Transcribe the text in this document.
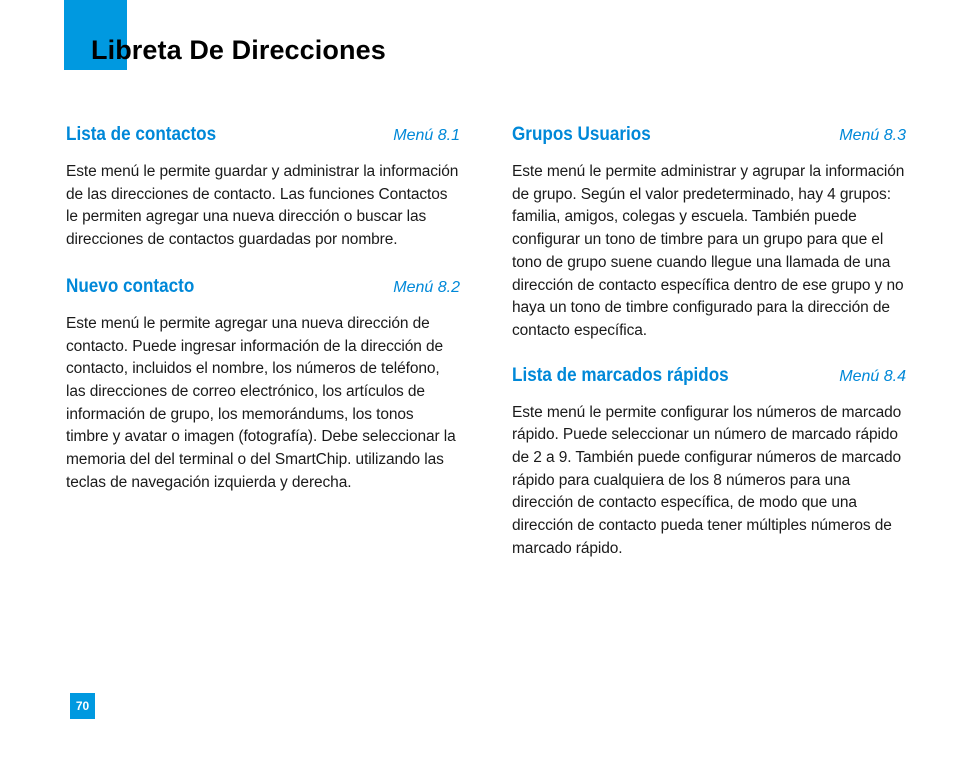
Libreta De Direcciones
Lista de contactos	Menú 8.1

Este menú le permite guardar y administrar la información de las direcciones de contacto. Las funciones Contactos le permiten agregar una nueva dirección o buscar las direcciones de contactos guardadas por nombre.

Nuevo contacto	Menú 8.2

Este menú le permite agregar una nueva dirección de contacto. Puede ingresar información de la dirección de contacto, incluidos el nombre, los números de teléfono, las direcciones de correo electrónico, los artículos de información de grupo, los memorándums, los tonos timbre y avatar o imagen (fotografía). Debe seleccionar la memoria del del terminal o del SmartChip. utilizando las teclas de navegación izquierda y derecha.

Grupos Usuarios	Menú 8.3

Este menú le permite administrar y agrupar la información de grupo. Según el valor predeterminado, hay 4 grupos: familia, amigos, colegas y escuela. También puede configurar un tono de timbre para un grupo para que el tono de grupo suene cuando llegue una llamada de una dirección de contacto específica dentro de ese grupo y no haya un tono de timbre configurado para la dirección de contacto específica.

Lista de marcados rápidos	Menú 8.4

Este menú le permite configurar los números de marcado rápido. Puede seleccionar un número de marcado rápido de 2 a 9. También puede configurar números de marcado rápido para cualquiera de los 8 números para una dirección de contacto específica, de modo que una dirección de contacto pueda tener múltiples números de marcado rápido.

70
